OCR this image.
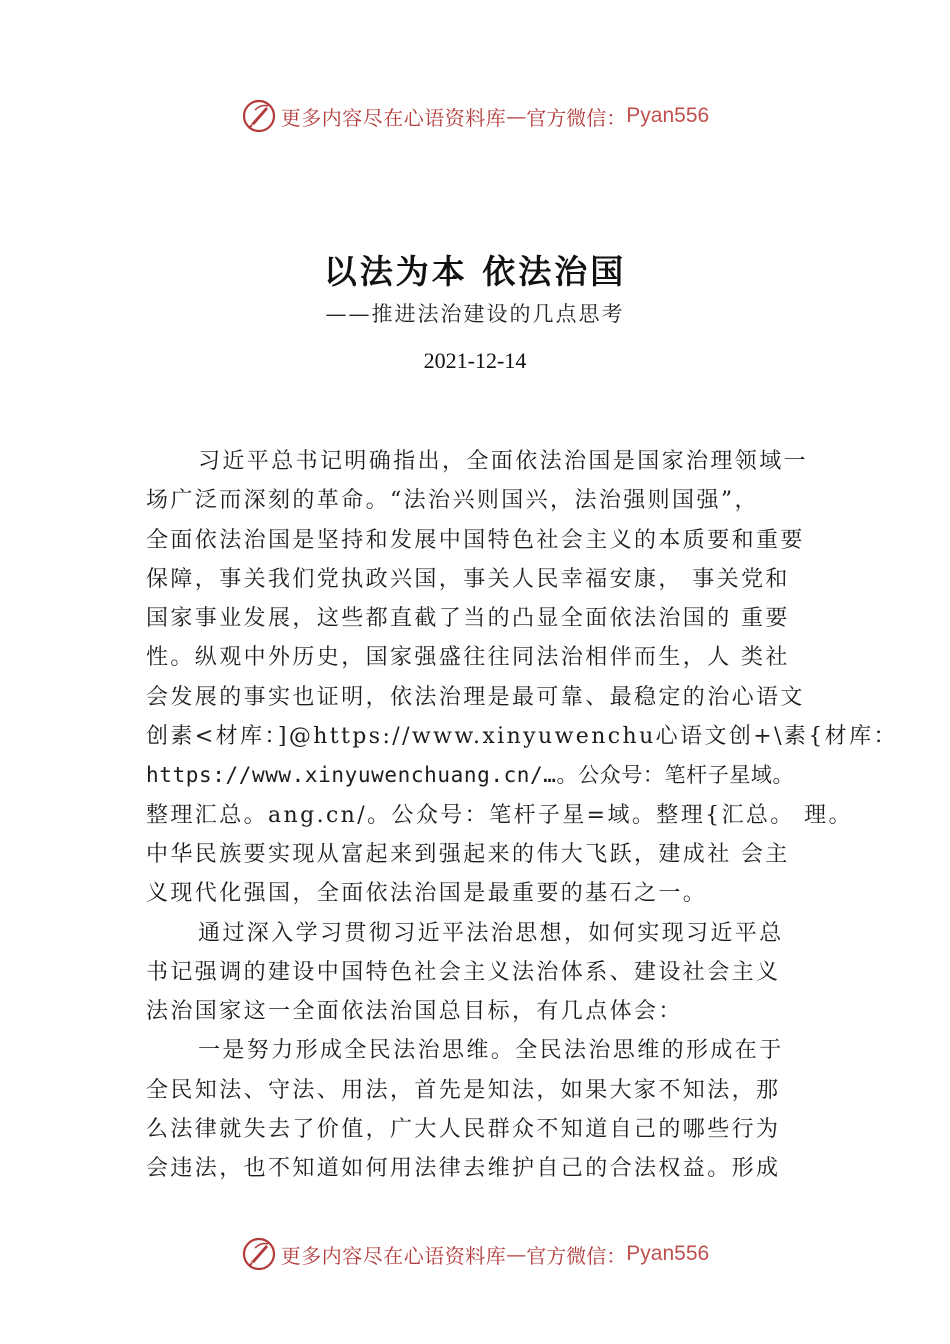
更多内容尽在心语资料库 — 官方微信： Pyan556
以法为本 依法治国
——推进法治建设的几点思考
2021-12-14
习近平总书记明确指出，全面依法治国是国家治理领域一
场广泛而深刻的革命。“法治兴则国兴，法治强则国强”，
全面依法治国是坚持和发展中国特色社会主义的本质要和重要
保障，事关我们党执政兴国，事关人民幸福安康， 事关党和
国家事业发展，这些都直截了当的凸显全面依法治国的 重要
性。纵观中外历史，国家强盛往往同法治相伴而生，人 类社
会发展的事实也证明，依法治理是最可靠、最稳定的治心语文
创素<材库：]@https://www.xinyuwenchu心语文创+\素{材库：
https://www.xinyuwenchuang.cn/…。公众号：笔杆子星域。
整理汇总。ang.cn/。公众号：笔杆子星=域。整理{汇总。 理。
中华民族要实现从富起来到强起来的伟大飞跃，建成社 会主
义现代化强国，全面依法治国是最重要的基石之一。
通过深入学习贯彻习近平法治思想，如何实现习近平总
书记强调的建设中国特色社会主义法治体系、建设社会主义
法治国家这一全面依法治国总目标，有几点体会：
一是努力形成全民法治思维。全民法治思维的形成在于
全民知法、守法、用法，首先是知法，如果大家不知法，那
么法律就失去了价值，广大人民群众不知道自己的哪些行为
会违法，也不知道如何用法律去维护自己的合法权益。形成
更多内容尽在心语资料库 — 官方微信： Pyan556
